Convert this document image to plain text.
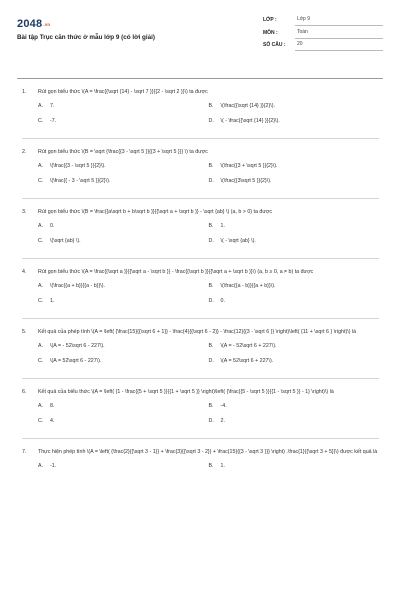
2048.vn
Bài tập Trục căn thức ở mẫu lớp 9 (có lời giải)
LỚP :	Lớp 9
MÔN :	Toán
SỐ CÂU :	20
1.	Rút gọn biểu thức \(A = \frac{{\sqrt {14} - \sqrt 7 }}{{2 - \sqrt 2 }}\) ta được
A.	7.	B.	\(\frac{{\sqrt {14} }}{2}\).
C.	-7.	D.	\( - \frac{{\sqrt {14} }}{2}\).
2.	Rút gọn biểu thức \(B = \sqrt {\frac{{3 - \sqrt 5 }}{{3 + \sqrt 5 }}} \) ta được
A.	\(\frac{{3 - \sqrt 5 }}{2}\).	B.	\(\frac{{3 + \sqrt 5 }}{2}\).
C.	\(\frac{{ - 3 - \sqrt 5 }}{2}\).	D.	\(\frac{{3\sqrt 5 }}{2}\).
3.	Rút gọn biểu thức \(B = \frac{{a\sqrt b + b\sqrt b }}{{\sqrt a + \sqrt b }} - \sqrt {ab} \) (a, b > 0) ta được
A.	0.	B.	1.
C.	\(\sqrt {ab} \).	D.	\( - \sqrt {ab} \).
4.	Rút gọn biểu thức \(A = \frac{{\sqrt a }}{{\sqrt a - \sqrt b }} - \frac{{\sqrt b }}{{\sqrt a + \sqrt b }}\) (a, b ≥ 0, a ≠ b) ta được
A.	\(\frac{{a + b}}{{a - b}}\).	B.	\(\frac{{a - b}}{{a + b}}\).
C.	1.	D.	0.
5.	Kết quả của phép tính \(A = \left( {\frac{15}{{\sqrt 6 + 1}} - \frac{4}{{\sqrt 6 - 2}} - \frac{12}{{3 - \sqrt 6 }} \right)\left( {11 + \sqrt 6 } \right)\) là
A.	\(A = - 52\sqrt 6 - 227\).	B.	\(A = - 52\sqrt 6 + 227\).
C.	\(A = 52\sqrt 6 - 227\).	D.	\(A = 52\sqrt 6 + 227\).
6.	Kết quả của biểu thức \(A = \left( {1 - \frac{{5 + \sqrt 5 }}{{1 + \sqrt 5 }} \right)\left( {\frac{{5 - \sqrt 5 }}{{1 - \sqrt 5 }} - 1} \right)\) là
A.	8.	B.	-4.
C.	4.	D.	2.
7.	Thực hiện phép tính \(A = \left( {\frac{2}{{\sqrt 3 - 1}} + \frac{3}{{\sqrt 3 - 2}} + \frac{15}{{3 - \sqrt 3 }}} \right) .\frac{1}{{\sqrt 3 + 5}}\) được kết quả là
A.	-1.	B.	1.
